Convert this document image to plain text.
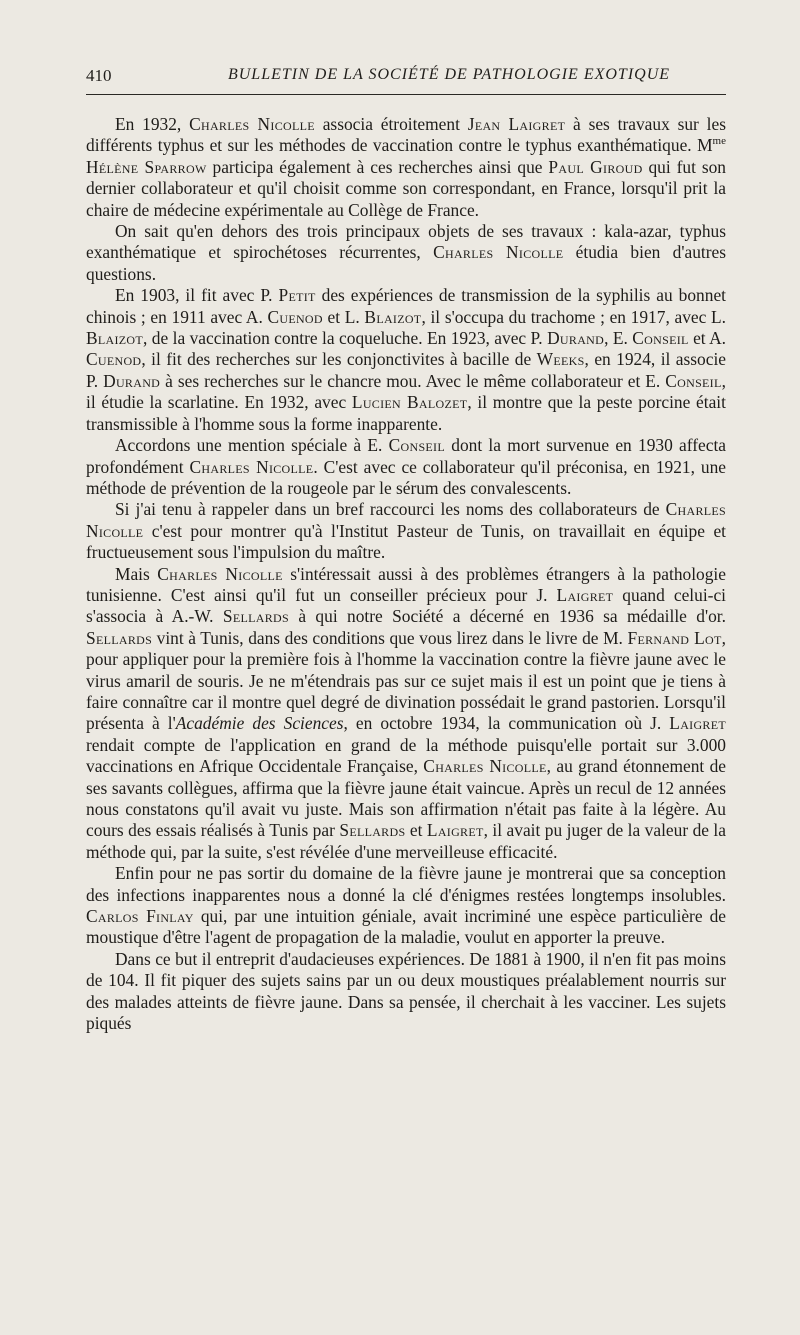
410	BULLETIN DE LA SOCIÉTÉ DE PATHOLOGIE EXOTIQUE

En 1932, Charles Nicolle associa étroitement Jean Laigret à ses travaux sur les différents typhus et sur les méthodes de vaccination contre le typhus exanthématique. $M^{me}$ Hélène Sparrow participa également à ces recherches ainsi que Paul Giroud qui fut son dernier collaborateur et qu'il choisit comme son correspondant, en France, lorsqu'il prit la chaire de médecine expérimentale au Collège de France.

On sait qu'en dehors des trois principaux objets de ses travaux : kala-azar, typhus exanthématique et spirochétoses récurrentes, Charles Nicolle étudia bien d'autres questions.

En 1903, il fit avec P. Petit des expériences de transmission de la syphilis au bonnet chinois ; en 1911 avec A. Cuenod et L. Blaizot, il s'occupa du trachome ; en 1917, avec L. Blaizot, de la vaccination contre la coqueluche. En 1923, avec P. Durand, E. Conseil et A. Cuenod, il fit des recherches sur les conjonctivites à bacille de Weeks, en 1924, il associe P. Durand à ses recherches sur le chancre mou. Avec le même collaborateur et E. Conseil, il étudie la scarlatine. En 1932, avec Lucien Balozet, il montre que la peste porcine était transmissible à l'homme sous la forme inapparente.

Accordons une mention spéciale à E. Conseil dont la mort survenue en 1930 affecta profondément Charles Nicolle. C'est avec ce collaborateur qu'il préconisa, en 1921, une méthode de prévention de la rougeole par le sérum des convalescents.

Si j'ai tenu à rappeler dans un bref raccourci les noms des collaborateurs de Charles Nicolle c'est pour montrer qu'à l'Institut Pasteur de Tunis, on travaillait en équipe et fructueusement sous l'impulsion du maître.

Mais Charles Nicolle s'intéressait aussi à des problèmes étrangers à la pathologie tunisienne. C'est ainsi qu'il fut un conseiller précieux pour J. Laigret quand celui-ci s'associa à A.-W. Sellards à qui notre Société a décerné en 1936 sa médaille d'or. Sellards vint à Tunis, dans des conditions que vous lirez dans le livre de M. Fernand Lot, pour appliquer pour la première fois à l'homme la vaccination contre la fièvre jaune avec le virus amaril de souris. Je ne m'étendrais pas sur ce sujet mais il est un point que je tiens à faire connaître car il montre quel degré de divination possédait le grand pastorien. Lorsqu'il présenta à l'Académie des Sciences, en octobre 1934, la communication où J. Laigret rendait compte de l'application en grand de la méthode puisqu'elle portait sur 3.000 vaccinations en Afrique Occidentale Française, Charles Nicolle, au grand étonnement de ses savants collègues, affirma que la fièvre jaune était vaincue. Après un recul de 12 années nous constatons qu'il avait vu juste. Mais son affirmation n'était pas faite à la légère. Au cours des essais réalisés à Tunis par Sellards et Laigret, il avait pu juger de la valeur de la méthode qui, par la suite, s'est révélée d'une merveilleuse efficacité.

Enfin pour ne pas sortir du domaine de la fièvre jaune je montrerai que sa conception des infections inapparentes nous a donné la clé d'énigmes restées longtemps insolubles. Carlos Finlay qui, par une intuition géniale, avait incriminé une espèce particulière de moustique d'être l'agent de propagation de la maladie, voulut en apporter la preuve.

Dans ce but il entreprit d'audacieuses expériences. De 1881 à 1900, il n'en fit pas moins de 104. Il fit piquer des sujets sains par un ou deux moustiques préalablement nourris sur des malades atteints de fièvre jaune. Dans sa pensée, il cherchait à les vacciner. Les sujets piqués
